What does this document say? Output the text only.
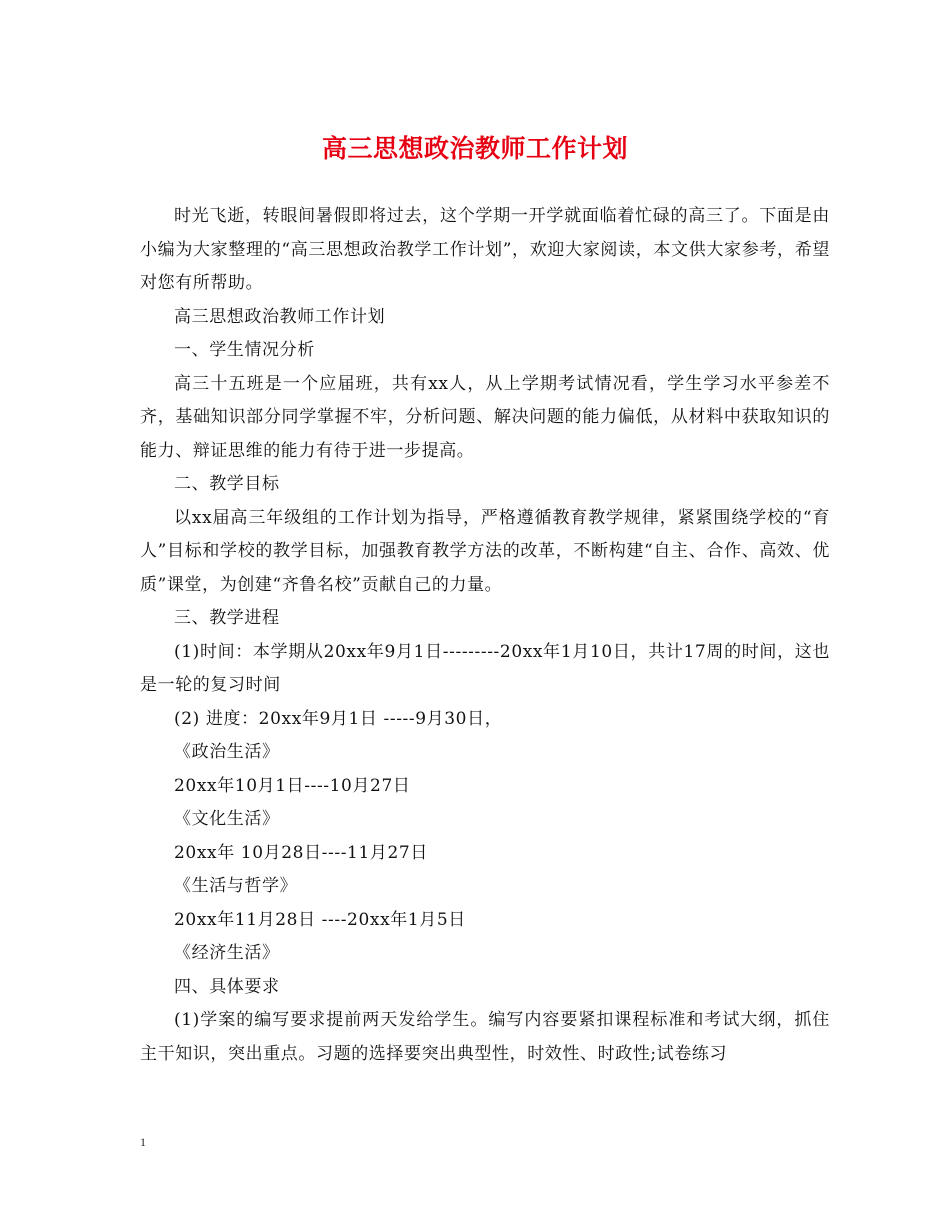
高三思想政治教师工作计划

时光飞逝，转眼间暑假即将过去，这个学期一开学就面临着忙碌的高三了。下面是由小编为大家整理的“高三思想政治教学工作计划”，欢迎大家阅读，本文供大家参考，希望对您有所帮助。

高三思想政治教师工作计划

一、学生情况分析

高三十五班是一个应届班，共有xx人，从上学期考试情况看，学生学习水平参差不齐，基础知识部分同学掌握不牢，分析问题、解决问题的能力偏低，从材料中获取知识的能力、辩证思维的能力有待于进一步提高。

二、教学目标

以xx届高三年级组的工作计划为指导，严格遵循教育教学规律，紧紧围绕学校的“育人”目标和学校的教学目标，加强教育教学方法的改革，不断构建“自主、合作、高效、优质”课堂，为创建“齐鲁名校”贡献自己的力量。

三、教学进程

(1)时间：本学期从20xx年9月1日---------20xx年1月10日，共计17周的时间，这也是一轮的复习时间

(2) 进度：20xx年9月1日 -----9月30日，

《政治生活》

20xx年10月1日----10月27日

《文化生活》

20xx年 10月28日----11月27日

《生活与哲学》

20xx年11月28日 ----20xx年1月5日

《经济生活》

四、具体要求

(1)学案的编写要求提前两天发给学生。编写内容要紧扣课程标准和考试大纲，抓住主干知识，突出重点。习题的选择要突出典型性，时效性、时政性;试卷练习

1
